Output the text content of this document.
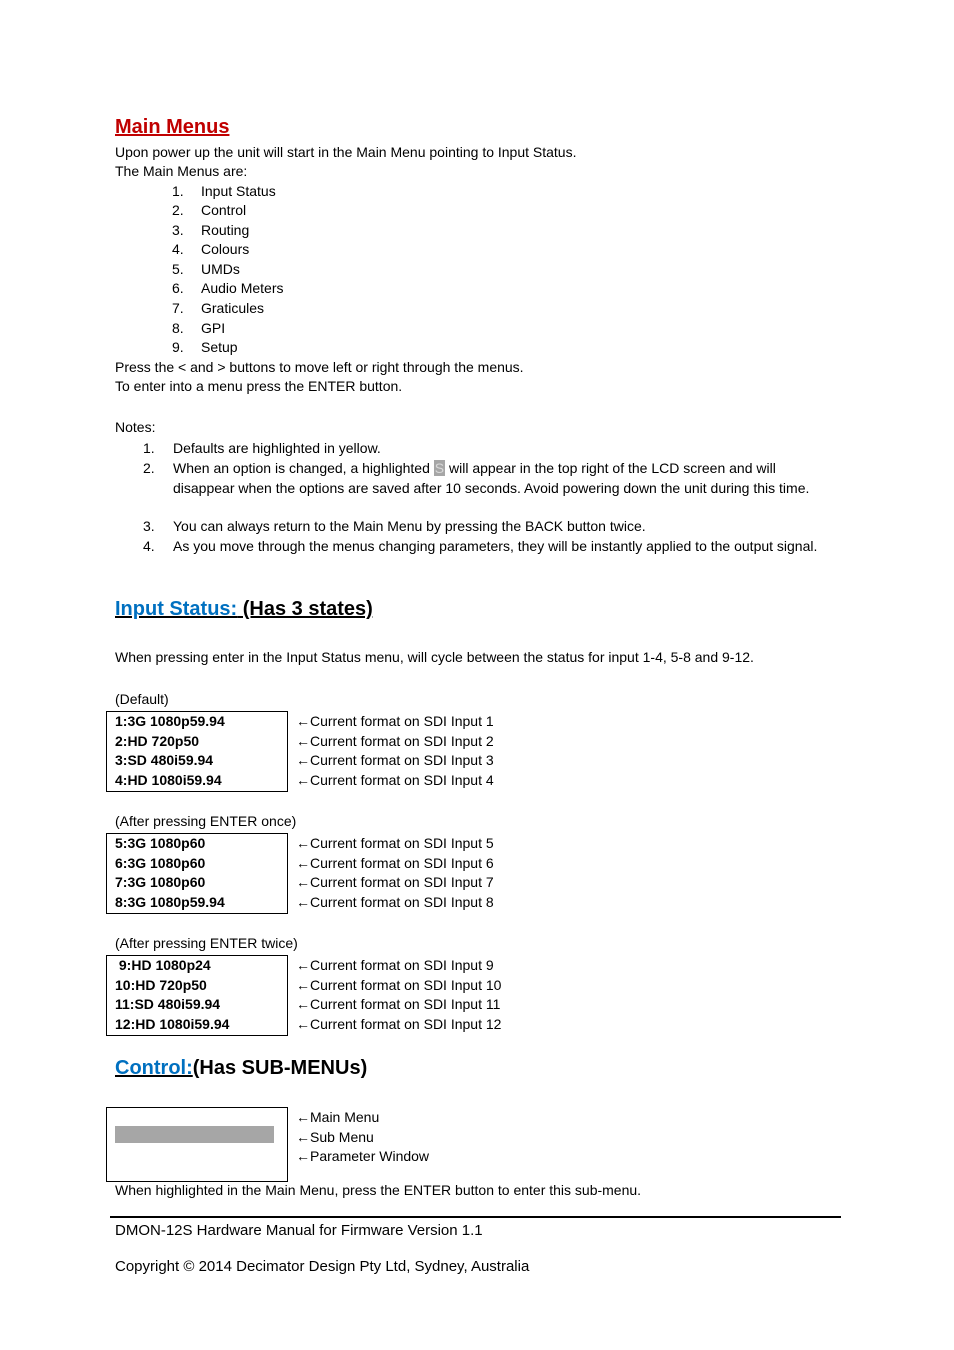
Main Menus
Upon power up the unit will start in the Main Menu pointing to Input Status.
The Main Menus are:
1. Input Status
2. Control
3. Routing
4. Colours
5. UMDs
6. Audio Meters
7. Graticules
8. GPI
9. Setup
Press the < and > buttons to move left or right through the menus.
To enter into a menu press the ENTER button.
Notes:
1. Defaults are highlighted in yellow.
2. When an option is changed, a highlighted S will appear in the top right of the LCD screen and will disappear when the options are saved after 10 seconds. Avoid powering down the unit during this time.
3. You can always return to the Main Menu by pressing the BACK button twice.
4. As you move through the menus changing parameters, they will be instantly applied to the output signal.
Input Status: (Has 3 states)
When pressing enter in the Input Status menu, will cycle between the status for input 1-4, 5-8 and 9-12.
(Default)
1:3G 1080p59.94
2:HD 720p50
3:SD 480i59.94
4:HD 1080i59.94
←Current format on SDI Input 1
←Current format on SDI Input 2
←Current format on SDI Input 3
←Current format on SDI Input 4
(After pressing ENTER once)
5:3G 1080p60
6:3G 1080p60
7:3G 1080p60
8:3G 1080p59.94
←Current format on SDI Input 5
←Current format on SDI Input 6
←Current format on SDI Input 7
←Current format on SDI Input 8
(After pressing ENTER twice)
9:HD 1080p24
10:HD 720p50
11:SD 480i59.94
12:HD 1080i59.94
←Current format on SDI Input 9
←Current format on SDI Input 10
←Current format on SDI Input 11
←Current format on SDI Input 12
Control:(Has SUB-MENUs)
←Main Menu
←Sub Menu
←Parameter Window
When highlighted in the Main Menu, press the ENTER button to enter this sub-menu.
DMON-12S Hardware Manual for Firmware Version 1.1
Copyright © 2014 Decimator Design Pty Ltd, Sydney, Australia
